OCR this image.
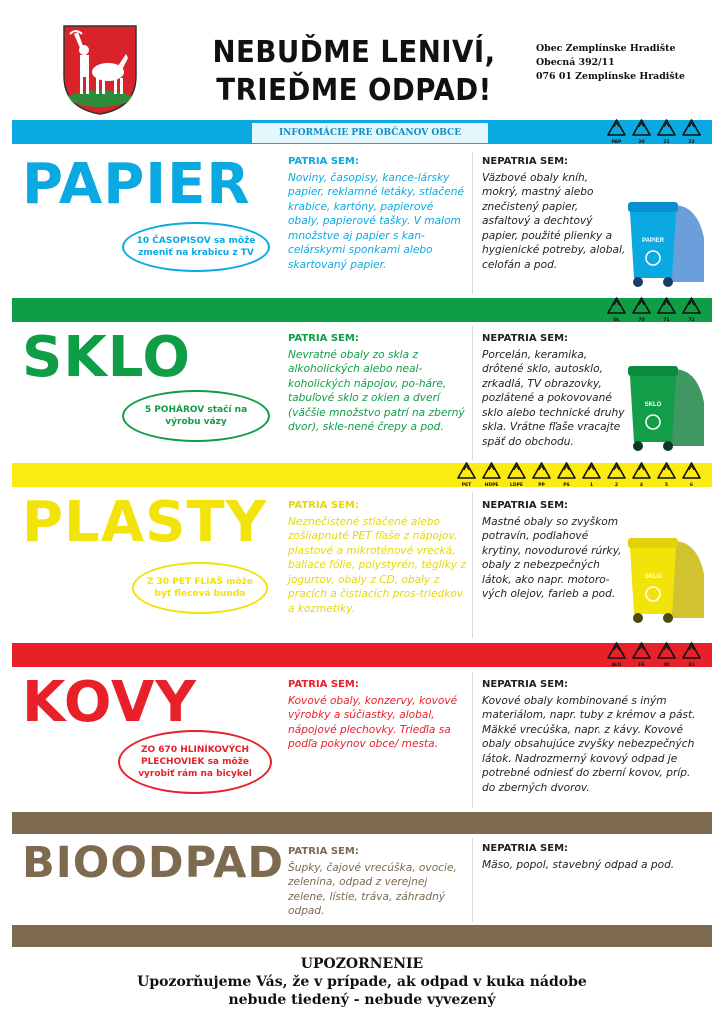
NEBUĎME LENIVÍ,
TRIEĎME ODPAD!
Obec Zemplínske Hradište
Obecná 392/11
076 01 Zemplínske Hradište
INFORMÁCIE PRE OBČANOV OBCE
PAP	20	21	22
PAPIER
10 ČASOPISOV sa môže zmeniť na krabicu z TV
PATRIA SEM:
Noviny, časopisy, kance-lársky papier, reklamné letáky, stlačené krabice, kartóny, papierové obaly, papierové tašky. V malom množstve aj papier s kan-celárskymi sponkami alebo skartovaný papier.
NEPATRIA SEM:
Väzbové obaly kníh, mokrý, mastný alebo znečistený papier, asfaltový a dechtový papier, použité plienky a hygienické potreby, alobal, celofán a pod.
PAPIER
GL	70	71	72
SKLO
5 POHÁROV stačí na výrobu vázy
PATRIA SEM:
Nevratné obaly zo skla z alkoholických alebo neal-koholických nápojov, po-háre, tabuľové sklo z okien a dverí (väčšie množstvo patrí na zberný dvor), skle-nené črepy a pod.
NEPATRIA SEM:
Porcelán, keramika, drôtené sklo, autosklo, zrkadlá, TV obrazovky, pozlátené a pokovované sklo alebo technické druhy skla. Vrátne fľaše vracajte späť do obchodu.
SKLO
PET	HDPE	LDPE	PP	PS	1	2	4	5	6
PLASTY
Z 30 PET FLIAŠ môže byť flecová bunda
PATRIA SEM:
Neznečistené stlačené alebo zošliapnuté PET fľaše z nápojov, plastové a mikroténové vrecká, baliace fólie, polystyrén, téglíky z jogurtov, obaly z CD, obaly z pracích a čistiacich pros-triedkov a kozmetiky.
NEPATRIA SEM:
Mastné obaly so zvyškom potravín, podlahové krytiny, novodurové rúrky, obaly z nebezpečných látok, ako napr. motoro-vých olejov, farieb a pod.
SKLO
ALU	FE	40	41
KOVY
ZO 670 HLINÍKOVÝCH PLECHOVIEK sa môže vyrobiť rám na bicykel
PATRIA SEM:
Kovové obaly, konzervy, kovové výrobky a súčiastky, alobal, nápojové plechovky. Trieďia sa podľa pokynov obce/ mesta.
NEPATRIA SEM:
Kovové obaly kombinované s iným materiálom, napr. tuby z krémov a pást. Mäkké vrecúška, napr. z kávy. Kovové obaly obsahujúce zvyšky nebezpečných látok. Nadrozmerný kovový odpad je potrebné odniesť do zberní kovov, príp. do zberných dvorov.
BIOODPAD PATRIA SEM:
Šupky, čajové vrecúška, ovocie, zelenina, odpad z verejnej zelene, lístie, tráva, záhradný odpad.
NEPATRIA SEM:
Mäso, popol, stavebný odpad a pod.
UPOZORNENIE
Upozorňujeme Vás, že v prípade, ak odpad v kuka nádobe
nebude tiedený - nebude vyvezený
